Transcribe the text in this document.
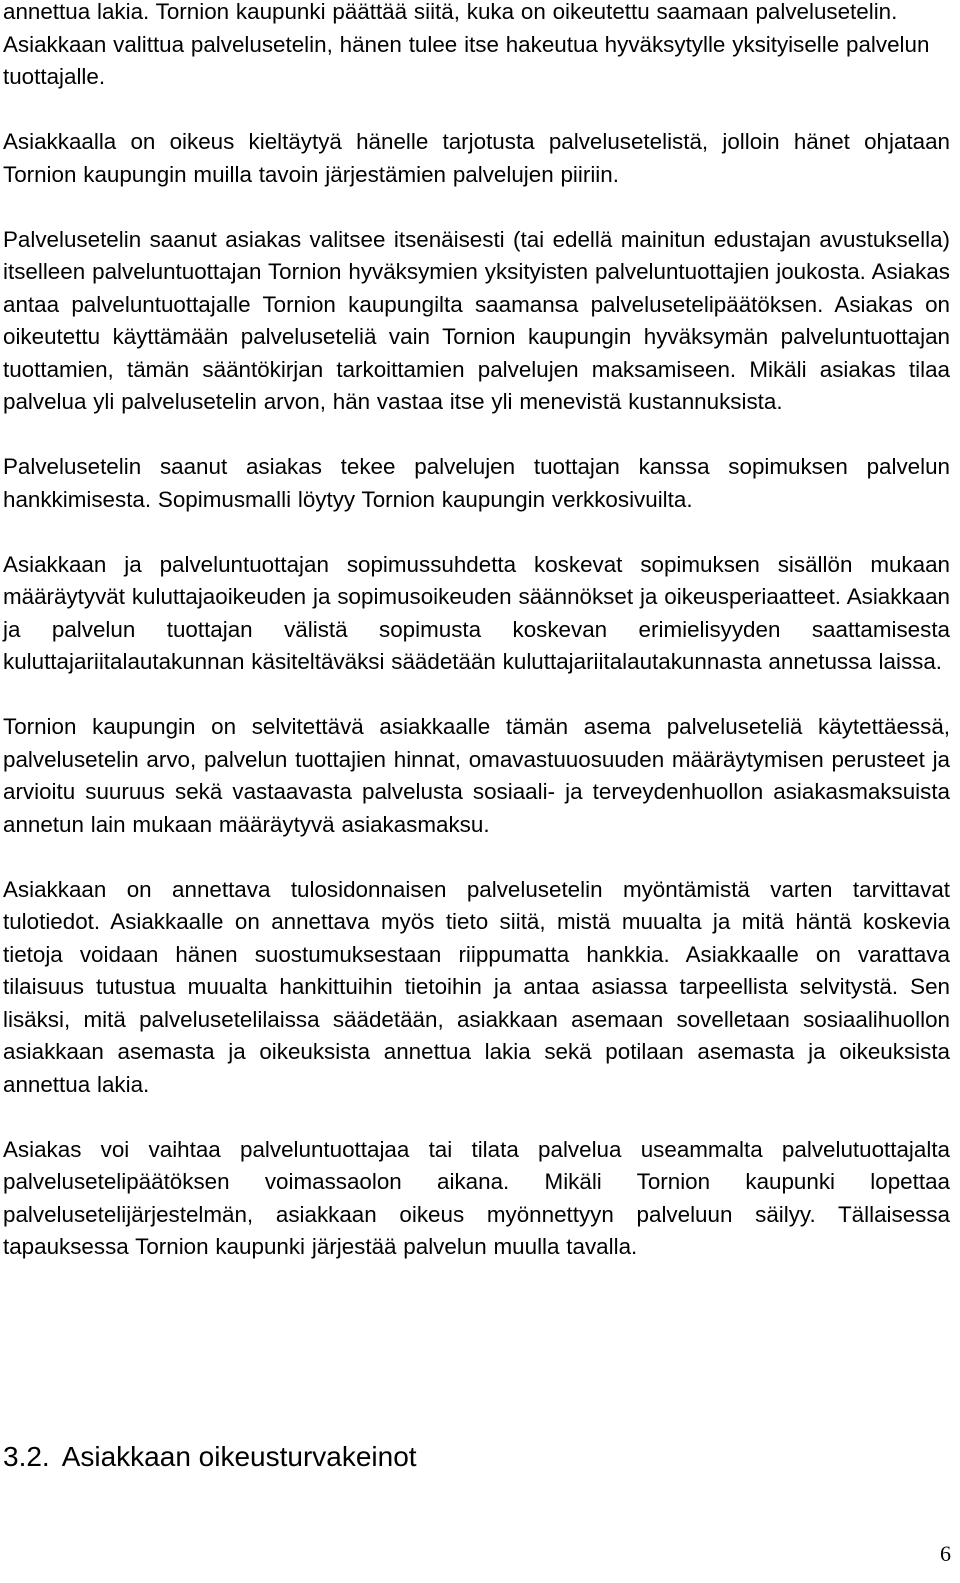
annettua lakia. Tornion kaupunki päättää siitä, kuka on oikeutettu saamaan palvelusetelin. Asiakkaan valittua palvelusetelin, hänen tulee itse hakeutua hyväksytylle yksityiselle palvelun tuottajalle.

Asiakkaalla on oikeus kieltäytyä hänelle tarjotusta palvelusetelistä, jolloin hänet ohjataan Tornion kaupungin muilla tavoin järjestämien palvelujen piiriin.

Palvelusetelin saanut asiakas valitsee itsenäisesti (tai edellä mainitun edustajan avustuksella) itselleen palveluntuottajan Tornion hyväksymien yksityisten palveluntuottajien joukosta. Asiakas antaa palveluntuottajalle Tornion kaupungilta saamansa palvelusetelipäätöksen. Asiakas on oikeutettu käyttämään palveluseteliä vain Tornion kaupungin hyväksymän palveluntuottajan tuottamien, tämän sääntökirjan tarkoittamien palvelujen maksamiseen. Mikäli asiakas tilaa palvelua yli palvelusetelin arvon, hän vastaa itse yli menevistä kustannuksista.

Palvelusetelin saanut asiakas tekee palvelujen tuottajan kanssa sopimuksen palvelun hankkimisesta. Sopimusmalli löytyy Tornion kaupungin verkkosivuilta.

Asiakkaan ja palveluntuottajan sopimussuhdetta koskevat sopimuksen sisällön mukaan määräytyvät kuluttajaoikeuden ja sopimusoikeuden säännökset ja oikeusperiaatteet. Asiakkaan ja palvelun tuottajan välistä sopimusta koskevan erimielisyyden saattamisesta kuluttajariitalautakunnan käsiteltäväksi säädetään kuluttajariitalautakunnasta annetussa laissa.

Tornion kaupungin on selvitettävä asiakkaalle tämän asema palveluseteliä käytettäessä, palvelusetelin arvo, palvelun tuottajien hinnat, omavastuuosuuden määräytymisen perusteet ja arvioitu suuruus sekä vastaavasta palvelusta sosiaali- ja terveydenhuollon asiakasmaksuista annetun lain mukaan määräytyvä asiakasmaksu.

Asiakkaan on annettava tulosidonnaisen palvelusetelin myöntämistä varten tarvittavat tulotiedot. Asiakkaalle on annettava myös tieto siitä, mistä muualta ja mitä häntä koskevia tietoja voidaan hänen suostumuksestaan riippumatta hankkia. Asiakkaalle on varattava tilaisuus tutustua muualta hankittuihin tietoihin ja antaa asiassa tarpeellista selvitystä. Sen lisäksi, mitä palvelusetelilaissa säädetään, asiakkaan asemaan sovelletaan sosiaalihuollon asiakkaan asemasta ja oikeuksista annettua lakia sekä potilaan asemasta ja oikeuksista annettua lakia.

Asiakas voi vaihtaa palveluntuottajaa tai tilata palvelua useammalta palvelutuottajalta palvelusetelipäätöksen voimassaolon aikana. Mikäli Tornion kaupunki lopettaa palvelusetelijärjestelmän, asiakkaan oikeus myönnettyyn palveluun säilyy. Tällaisessa tapauksessa Tornion kaupunki järjestää palvelun muulla tavalla.

3.2. Asiakkaan oikeusturvakeinot
6
